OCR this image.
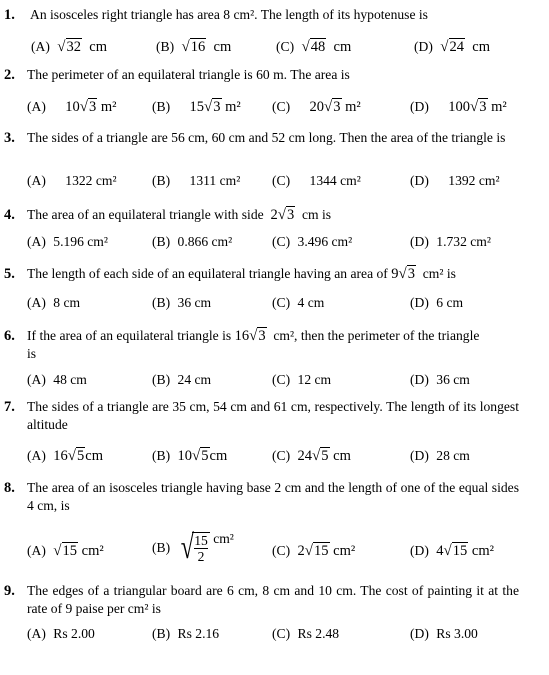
1. An isosceles right triangle has area 8 cm². The length of its hypotenuse is
(A) √32 cm	(B) √16 cm	(C) √48 cm	(D) √24 cm
2. The perimeter of an equilateral triangle is 60 m. The area is
(A) 10√3 m²	(B) 15√3 m² (C) 20√3 m²	(D) 100√3 m²
3. The sides of a triangle are 56 cm, 60 cm and 52 cm long. Then the area of the triangle is
(A) 1322 cm²	(B) 1311 cm² (C) 1344 cm²	(D) 1392 cm²
4. The area of an equilateral triangle with side 2√3 cm is
(A) 5.196 cm²	(B) 0.866 cm²	(C) 3.496 cm²	(D) 1.732 cm²
5. The length of each side of an equilateral triangle having an area of 9√3 cm² is
(A) 8 cm	(B) 36 cm	(C) 4 cm	(D) 6 cm
6. If the area of an equilateral triangle is 16√3 cm², then the perimeter of the triangle
is
(A) 48 cm	(B) 24 cm	(C) 12 cm	(D) 36 cm
7. The sides of a triangle are 35 cm, 54 cm and 61 cm, respectively. The length of its longest altitude
(A) 16√5cm	(B) 10√5cm	(C) 24√5 cm	(D) 28 cm
8. The area of an isosceles triangle having base 2 cm and the length of one of the equal sides 4 cm, is
(A) √15 cm²	(B) √
$\frac{15}{2} cm^2$
(C) 2√15 cm²	(D) 4√15 cm²
9. The edges of a triangular board are 6 cm, 8 cm and 10 cm. The cost of painting it at the rate of 9 paise per cm² is
(A) Rs 2.00	(B) Rs 2.16	(C) Rs 2.48	(D) Rs 3.00
